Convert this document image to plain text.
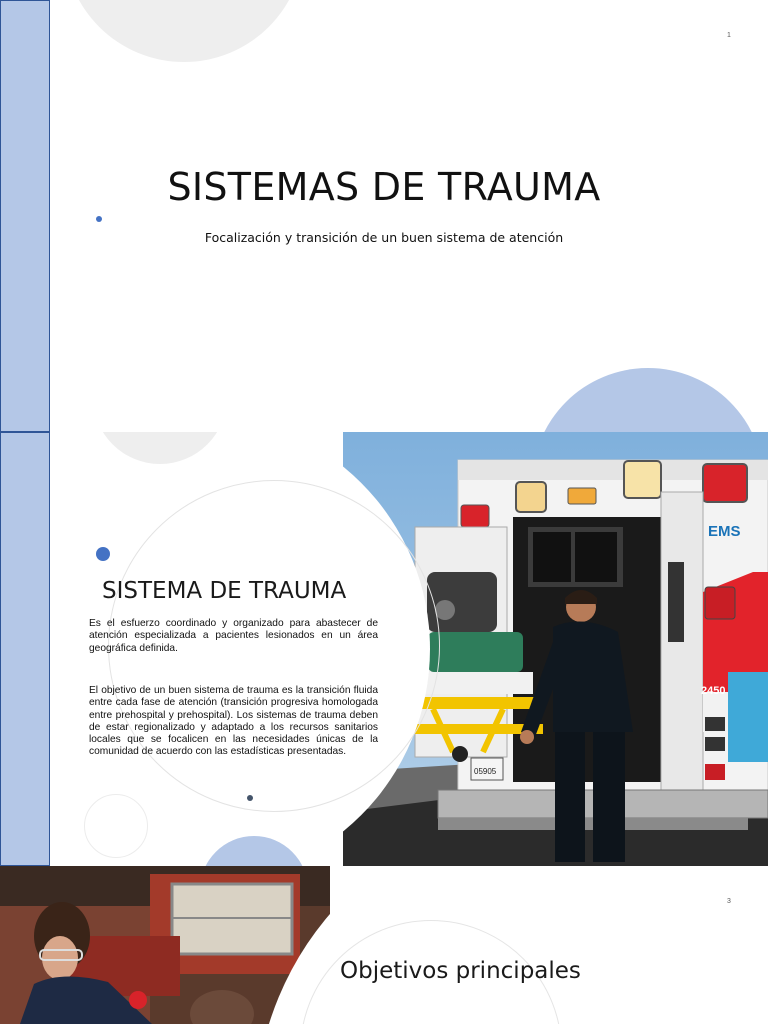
1
SISTEMAS DE TRAUMA
Focalización y transición de un buen sistema de atención
EMS
2450
05905
SISTEMA DE TRAUMA

Es el esfuerzo coordinado y organizado para abastecer de atención especializada a pacientes lesionados en un área geográfica definida.

El objetivo de un buen sistema de trauma es la transición fluida entre cada fase de atención (transición progresiva homologada entre prehospital y prehospital). Los sistemas de trauma deben de estar regionalizado y adaptado a los recursos sanitarios locales que se focalicen en las necesidades únicas de la comunidad de acuerdo con las estadísticas presentadas.

3
Objetivos principales
